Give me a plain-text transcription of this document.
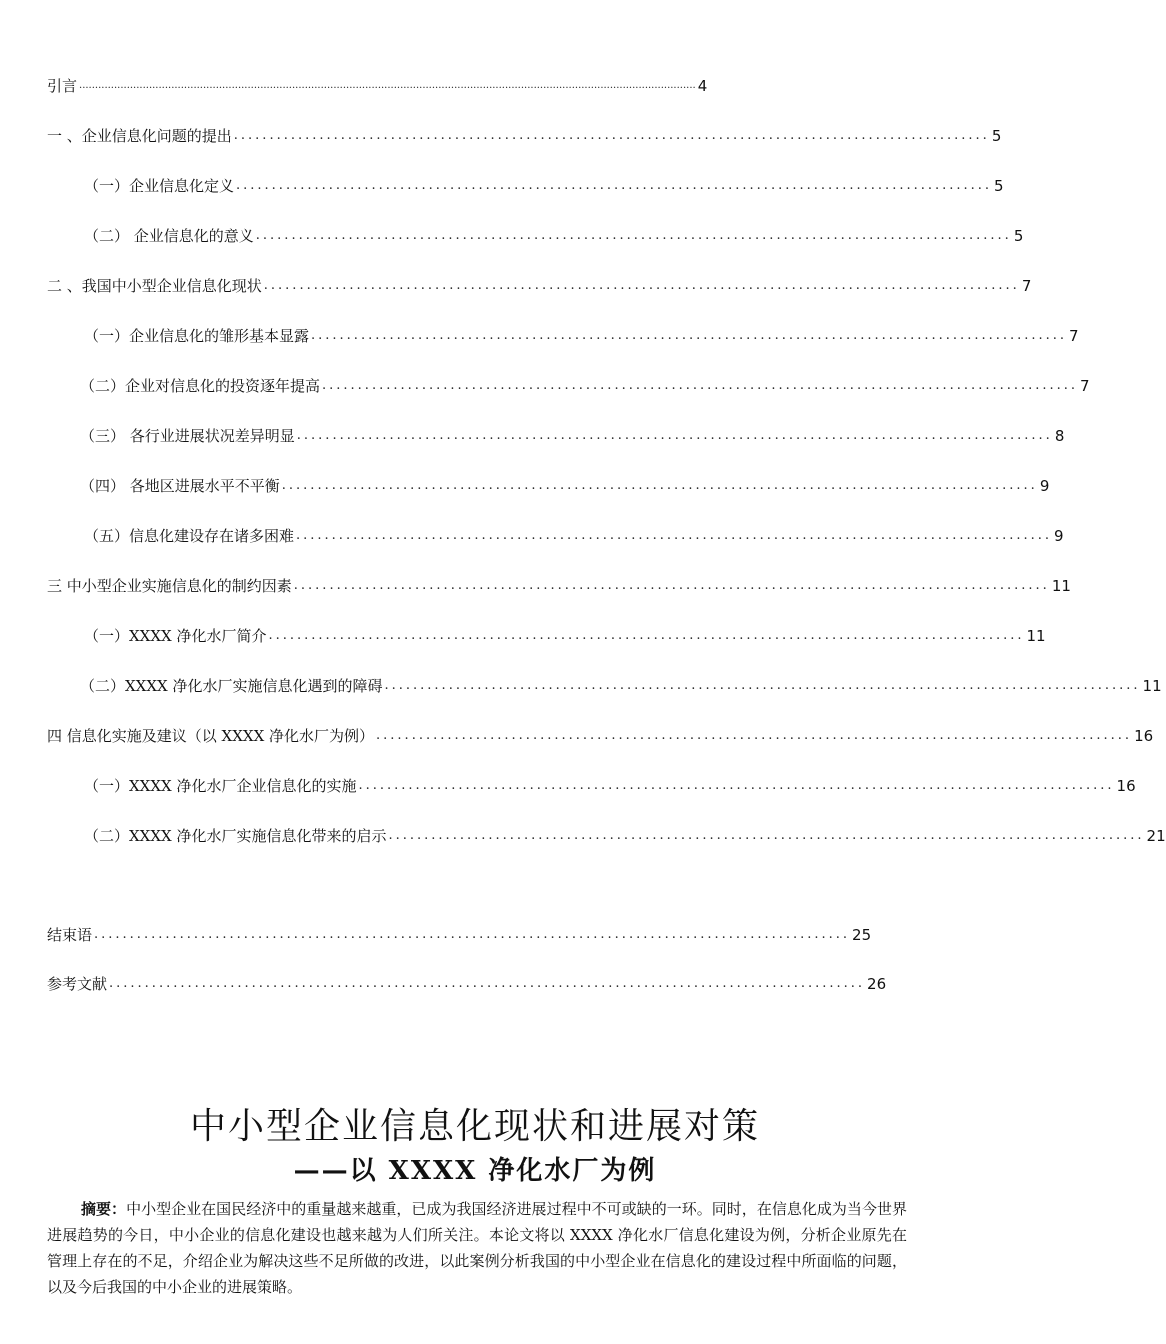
引言 .................................................................................................................................................................................................. 4
一 、企业信息化问题的提出 .......................................................................................................... 5
（一）企业信息化定义 .......................................................................................................... 5
（二） 企业信息化的意义 .......................................................................................................... 5
二 、我国中小型企业信息化现状 .......................................................................................................... 7
（一）企业信息化的雏形基本显露 .......................................................................................................... 7
（二）企业对信息化的投资逐年提高 .......................................................................................................... 7
（三） 各行业进展状况差异明显 .......................................................................................................... 8
（四） 各地区进展水平不平衡 .......................................................................................................... 9
（五）信息化建设存在诸多困难 .......................................................................................................... 9
三 中小型企业实施信息化的制约因素 .......................................................................................................... 11
（一）XXXX 净化水厂简介 .......................................................................................................... 11
（二）XXXX 净化水厂实施信息化遇到的障碍 .......................................................................................................... 11
四 信息化实施及建议（以 XXXX 净化水厂为例） .......................................................................................................... 16
（一）XXXX 净化水厂企业信息化的实施 .......................................................................................................... 16
（二）XXXX 净化水厂实施信息化带来的启示 .......................................................................................................... 21
结束语 .......................................................................................................... 25
参考文献 .......................................................................................................... 26
中小型企业信息化现状和进展对策
——以 XXXX 净化水厂为例
摘要：中小型企业在国民经济中的重量越来越重，已成为我国经济进展过程中不可或缺的一环。同时，在信息化成为当今世界进展趋势的今日，中小企业的信息化建设也越来越为人们所关注。本论文将以 XXXX 净化水厂信息化建设为例，分析企业原先在管理上存在的不足，介绍企业为解决这些不足所做的改进，以此案例分析我国的中小型企业在信息化的建设过程中所面临的问题，以及今后我国的中小企业的进展策略。
